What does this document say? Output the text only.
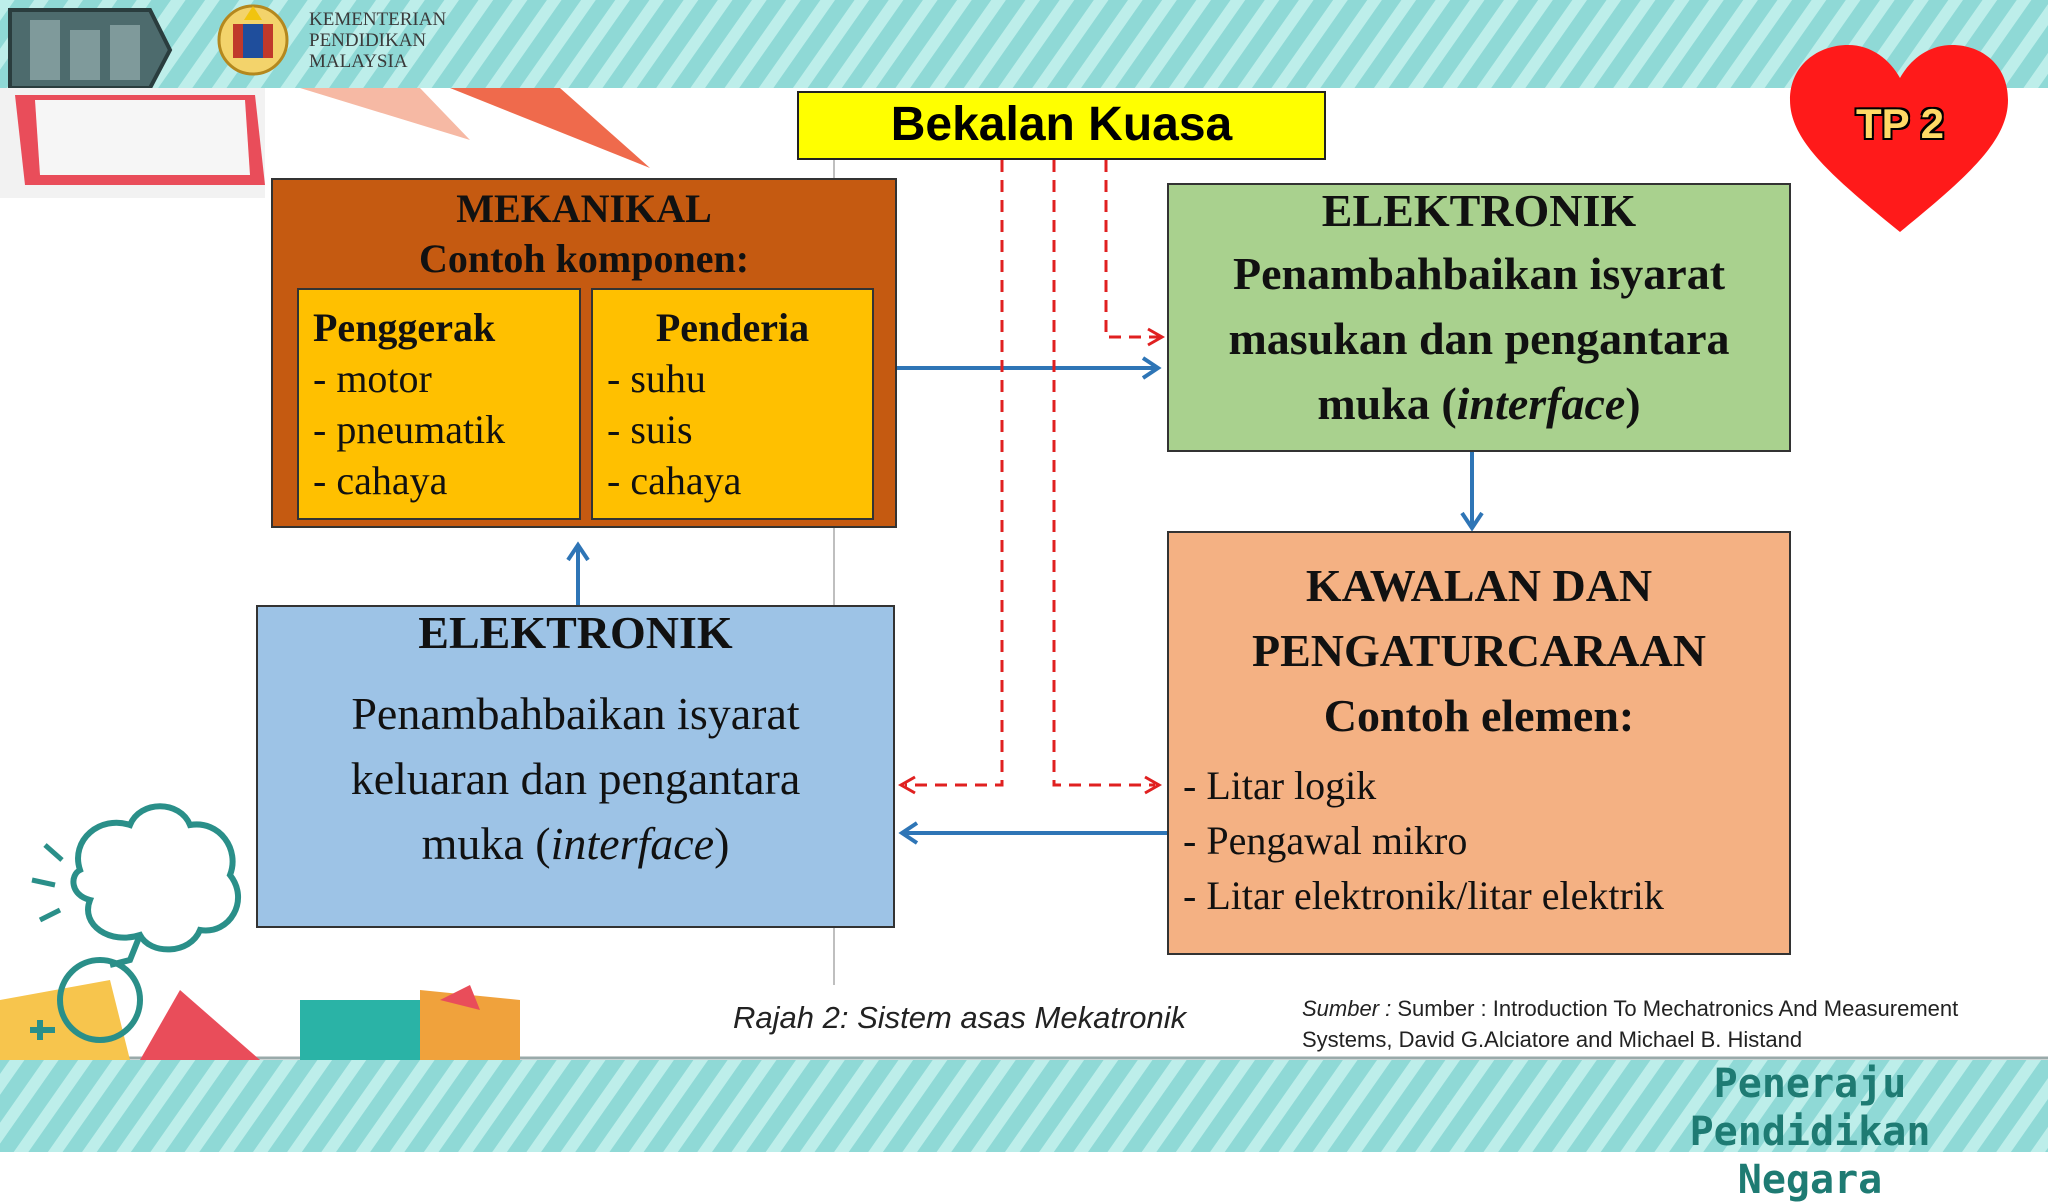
KEMENTERIAN
PENDIDIKAN
MALAYSIA
TP 2
Bekalan Kuasa
MEKANIKAL
Contoh komponen:
Penggerak
- motor
- pneumatik
- cahaya
Penderia
- suhu
- suis
- cahaya
ELEKTRONIK
Penambahbaikan isyarat
masukan dan pengantara
muka (interface)
ELEKTRONIK
Penambahbaikan isyarat
keluaran dan pengantara
muka (interface)
KAWALAN DAN
PENGATURCARAAN
Contoh elemen:
- Litar logik
- Pengawal mikro
- Litar elektronik/litar elektrik
Rajah 2: Sistem asas Mekatronik	Sumber : Sumber : Introduction To Mechatronics And Measurement Systems, David G.Alciatore and Michael B. Histand
Peneraju Pendidikan
Negara
